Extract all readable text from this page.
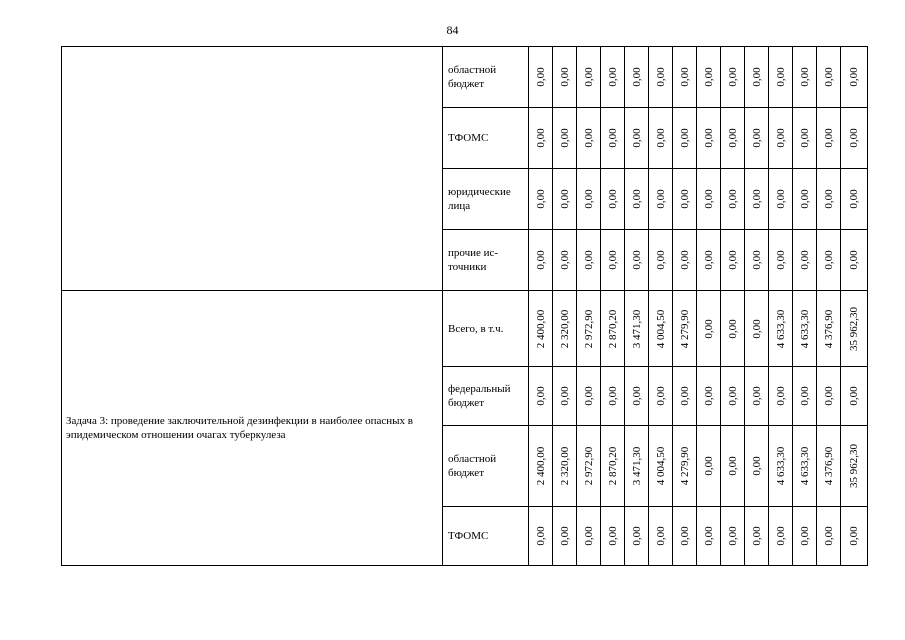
84
	областной бюджет	0,00	0,00	0,00	0,00	0,00	0,00	0,00	0,00	0,00	0,00	0,00	0,00	0,00	0,00

	ТФОМС	0,00	0,00	0,00	0,00	0,00	0,00	0,00	0,00	0,00	0,00	0,00	0,00	0,00	0,00

	юридические лица	0,00	0,00	0,00	0,00	0,00	0,00	0,00	0,00	0,00	0,00	0,00	0,00	0,00	0,00

	прочие ис-точники	0,00	0,00	0,00	0,00	0,00	0,00	0,00	0,00	0,00	0,00	0,00	0,00	0,00	0,00

Задача 3: проведение заключительной дезинфекции в наиболее опасных в эпидемическом отношении очагах туберкулеза	Всего, в т.ч.	2 400,00	2 320,00	2 972,90	2 870,20	3 471,30	4 004,50	4 279,90	0,00	0,00	0,00	4 633,30	4 633,30	4 376,90	35 962,30

	федеральный бюджет	0,00	0,00	0,00	0,00	0,00	0,00	0,00	0,00	0,00	0,00	0,00	0,00	0,00	0,00

	областной бюджет	2 400,00	2 320,00	2 972,90	2 870,20	3 471,30	4 004,50	4 279,90	0,00	0,00	0,00	4 633,30	4 633,30	4 376,90	35 962,30

	ТФОМС	0,00	0,00	0,00	0,00	0,00	0,00	0,00	0,00	0,00	0,00	0,00	0,00	0,00	0,00
